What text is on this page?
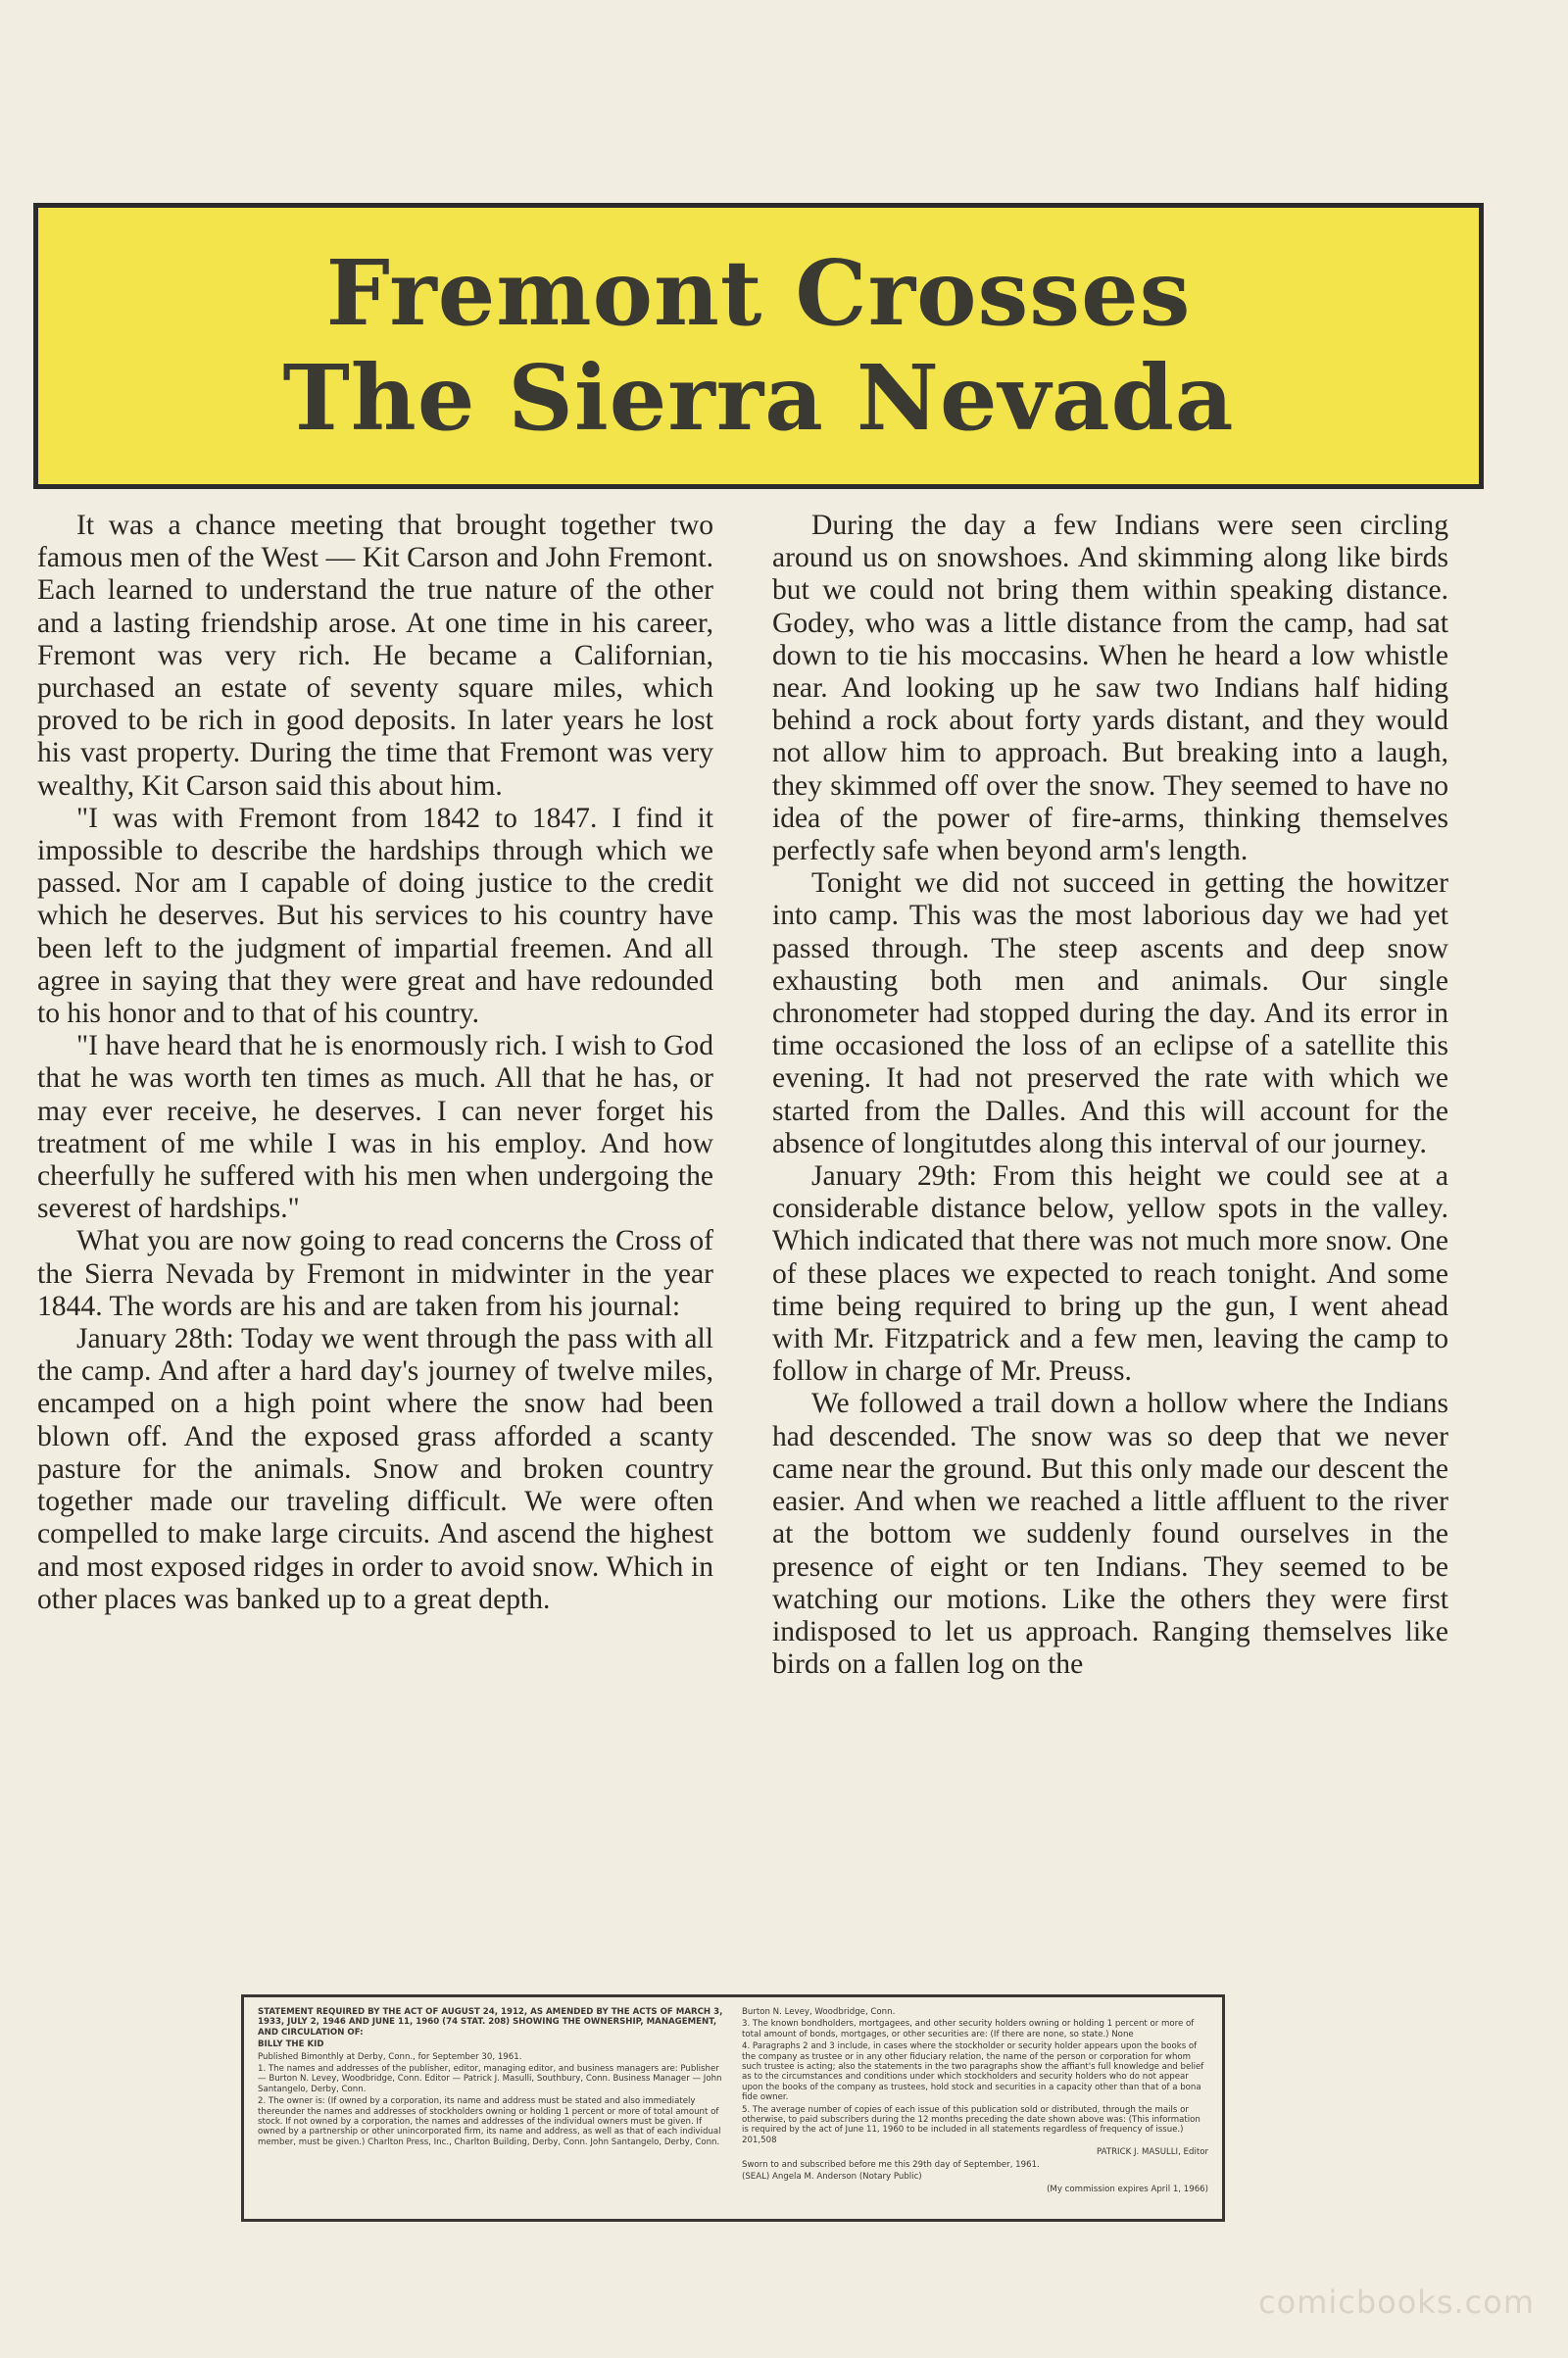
Fremont Crosses
The Sierra Nevada

It was a chance meeting that brought together two famous men of the West — Kit Carson and John Fremont. Each learned to understand the true nature of the other and a lasting friendship arose. At one time in his career, Fremont was very rich. He became a Californian, purchased an estate of seventy square miles, which proved to be rich in good deposits. In later years he lost his vast property. During the time that Fremont was very wealthy, Kit Carson said this about him.

"I was with Fremont from 1842 to 1847. I find it impossible to describe the hardships through which we passed. Nor am I capable of doing justice to the credit which he deserves. But his services to his country have been left to the judgment of impartial freemen. And all agree in saying that they were great and have redounded to his honor and to that of his country.

"I have heard that he is enormously rich. I wish to God that he was worth ten times as much. All that he has, or may ever receive, he deserves. I can never forget his treatment of me while I was in his employ. And how cheerfully he suffered with his men when undergoing the severest of hardships."

What you are now going to read concerns the Cross of the Sierra Nevada by Fremont in midwinter in the year 1844. The words are his and are taken from his journal:

January 28th: Today we went through the pass with all the camp. And after a hard day's journey of twelve miles, encamped on a high point where the snow had been blown off. And the exposed grass afforded a scanty pasture for the animals. Snow and broken country together made our traveling difficult. We were often compelled to make large circuits. And ascend the highest and most exposed ridges in order to avoid snow. Which in other places was banked up to a great depth.

During the day a few Indians were seen circling around us on snowshoes. And skimming along like birds but we could not bring them within speaking distance. Godey, who was a little distance from the camp, had sat down to tie his moccasins. When he heard a low whistle near. And looking up he saw two Indians half hiding behind a rock about forty yards distant, and they would not allow him to approach. But breaking into a laugh, they skimmed off over the snow. They seemed to have no idea of the power of fire-arms, thinking themselves perfectly safe when beyond arm's length.

Tonight we did not succeed in getting the howitzer into camp. This was the most laborious day we had yet passed through. The steep ascents and deep snow exhausting both men and animals. Our single chronometer had stopped during the day. And its error in time occasioned the loss of an eclipse of a satellite this evening. It had not preserved the rate with which we started from the Dalles. And this will account for the absence of longitutdes along this interval of our journey.

January 29th: From this height we could see at a considerable distance below, yellow spots in the valley. Which indicated that there was not much more snow. One of these places we expected to reach tonight. And some time being required to bring up the gun, I went ahead with Mr. Fitzpatrick and a few men, leaving the camp to follow in charge of Mr. Preuss.

We followed a trail down a hollow where the Indians had descended. The snow was so deep that we never came near the ground. But this only made our descent the easier. And when we reached a little affluent to the river at the bottom we suddenly found ourselves in the presence of eight or ten Indians. They seemed to be watching our motions. Like the others they were first indisposed to let us approach. Ranging themselves like birds on a fallen log on the

STATEMENT REQUIRED BY THE ACT OF AUGUST 24, 1912, AS AMENDED BY THE ACTS OF MARCH 3, 1933, JULY 2, 1946 AND JUNE 11, 1960 (74 STAT. 208) SHOWING THE OWNERSHIP, MANAGEMENT, AND CIRCULATION OF:

BILLY THE KID

Published Bimonthly at Derby, Conn., for September 30, 1961.

1. The names and addresses of the publisher, editor, managing editor, and business managers are: Publisher — Burton N. Levey, Woodbridge, Conn. Editor — Patrick J. Masulli, Southbury, Conn. Business Manager — John Santangelo, Derby, Conn.

2. The owner is: (If owned by a corporation, its name and address must be stated and also immediately thereunder the names and addresses of stockholders owning or holding 1 percent or more of total amount of stock. If not owned by a corporation, the names and addresses of the individual owners must be given. If owned by a partnership or other unincorporated firm, its name and address, as well as that of each individual member, must be given.) Charlton Press, Inc., Charlton Building, Derby, Conn. John Santangelo, Derby, Conn.

Burton N. Levey, Woodbridge, Conn.

3. The known bondholders, mortgagees, and other security holders owning or holding 1 percent or more of total amount of bonds, mortgages, or other securities are: (If there are none, so state.) None

4. Paragraphs 2 and 3 include, in cases where the stockholder or security holder appears upon the books of the company as trustee or in any other fiduciary relation, the name of the person or corporation for whom such trustee is acting; also the statements in the two paragraphs show the affiant's full knowledge and belief as to the circumstances and conditions under which stockholders and security holders who do not appear upon the books of the company as trustees, hold stock and securities in a capacity other than that of a bona fide owner.

5. The average number of copies of each issue of this publication sold or distributed, through the mails or otherwise, to paid subscribers during the 12 months preceding the date shown above was: (This information is required by the act of June 11, 1960 to be included in all statements regardless of frequency of issue.) 201,508

PATRICK J. MASULLI, Editor

Sworn to and subscribed before me this 29th day of September, 1961.

(SEAL) Angela M. Anderson (Notary Public)

(My commission expires April 1, 1966)

comicbooks.com
